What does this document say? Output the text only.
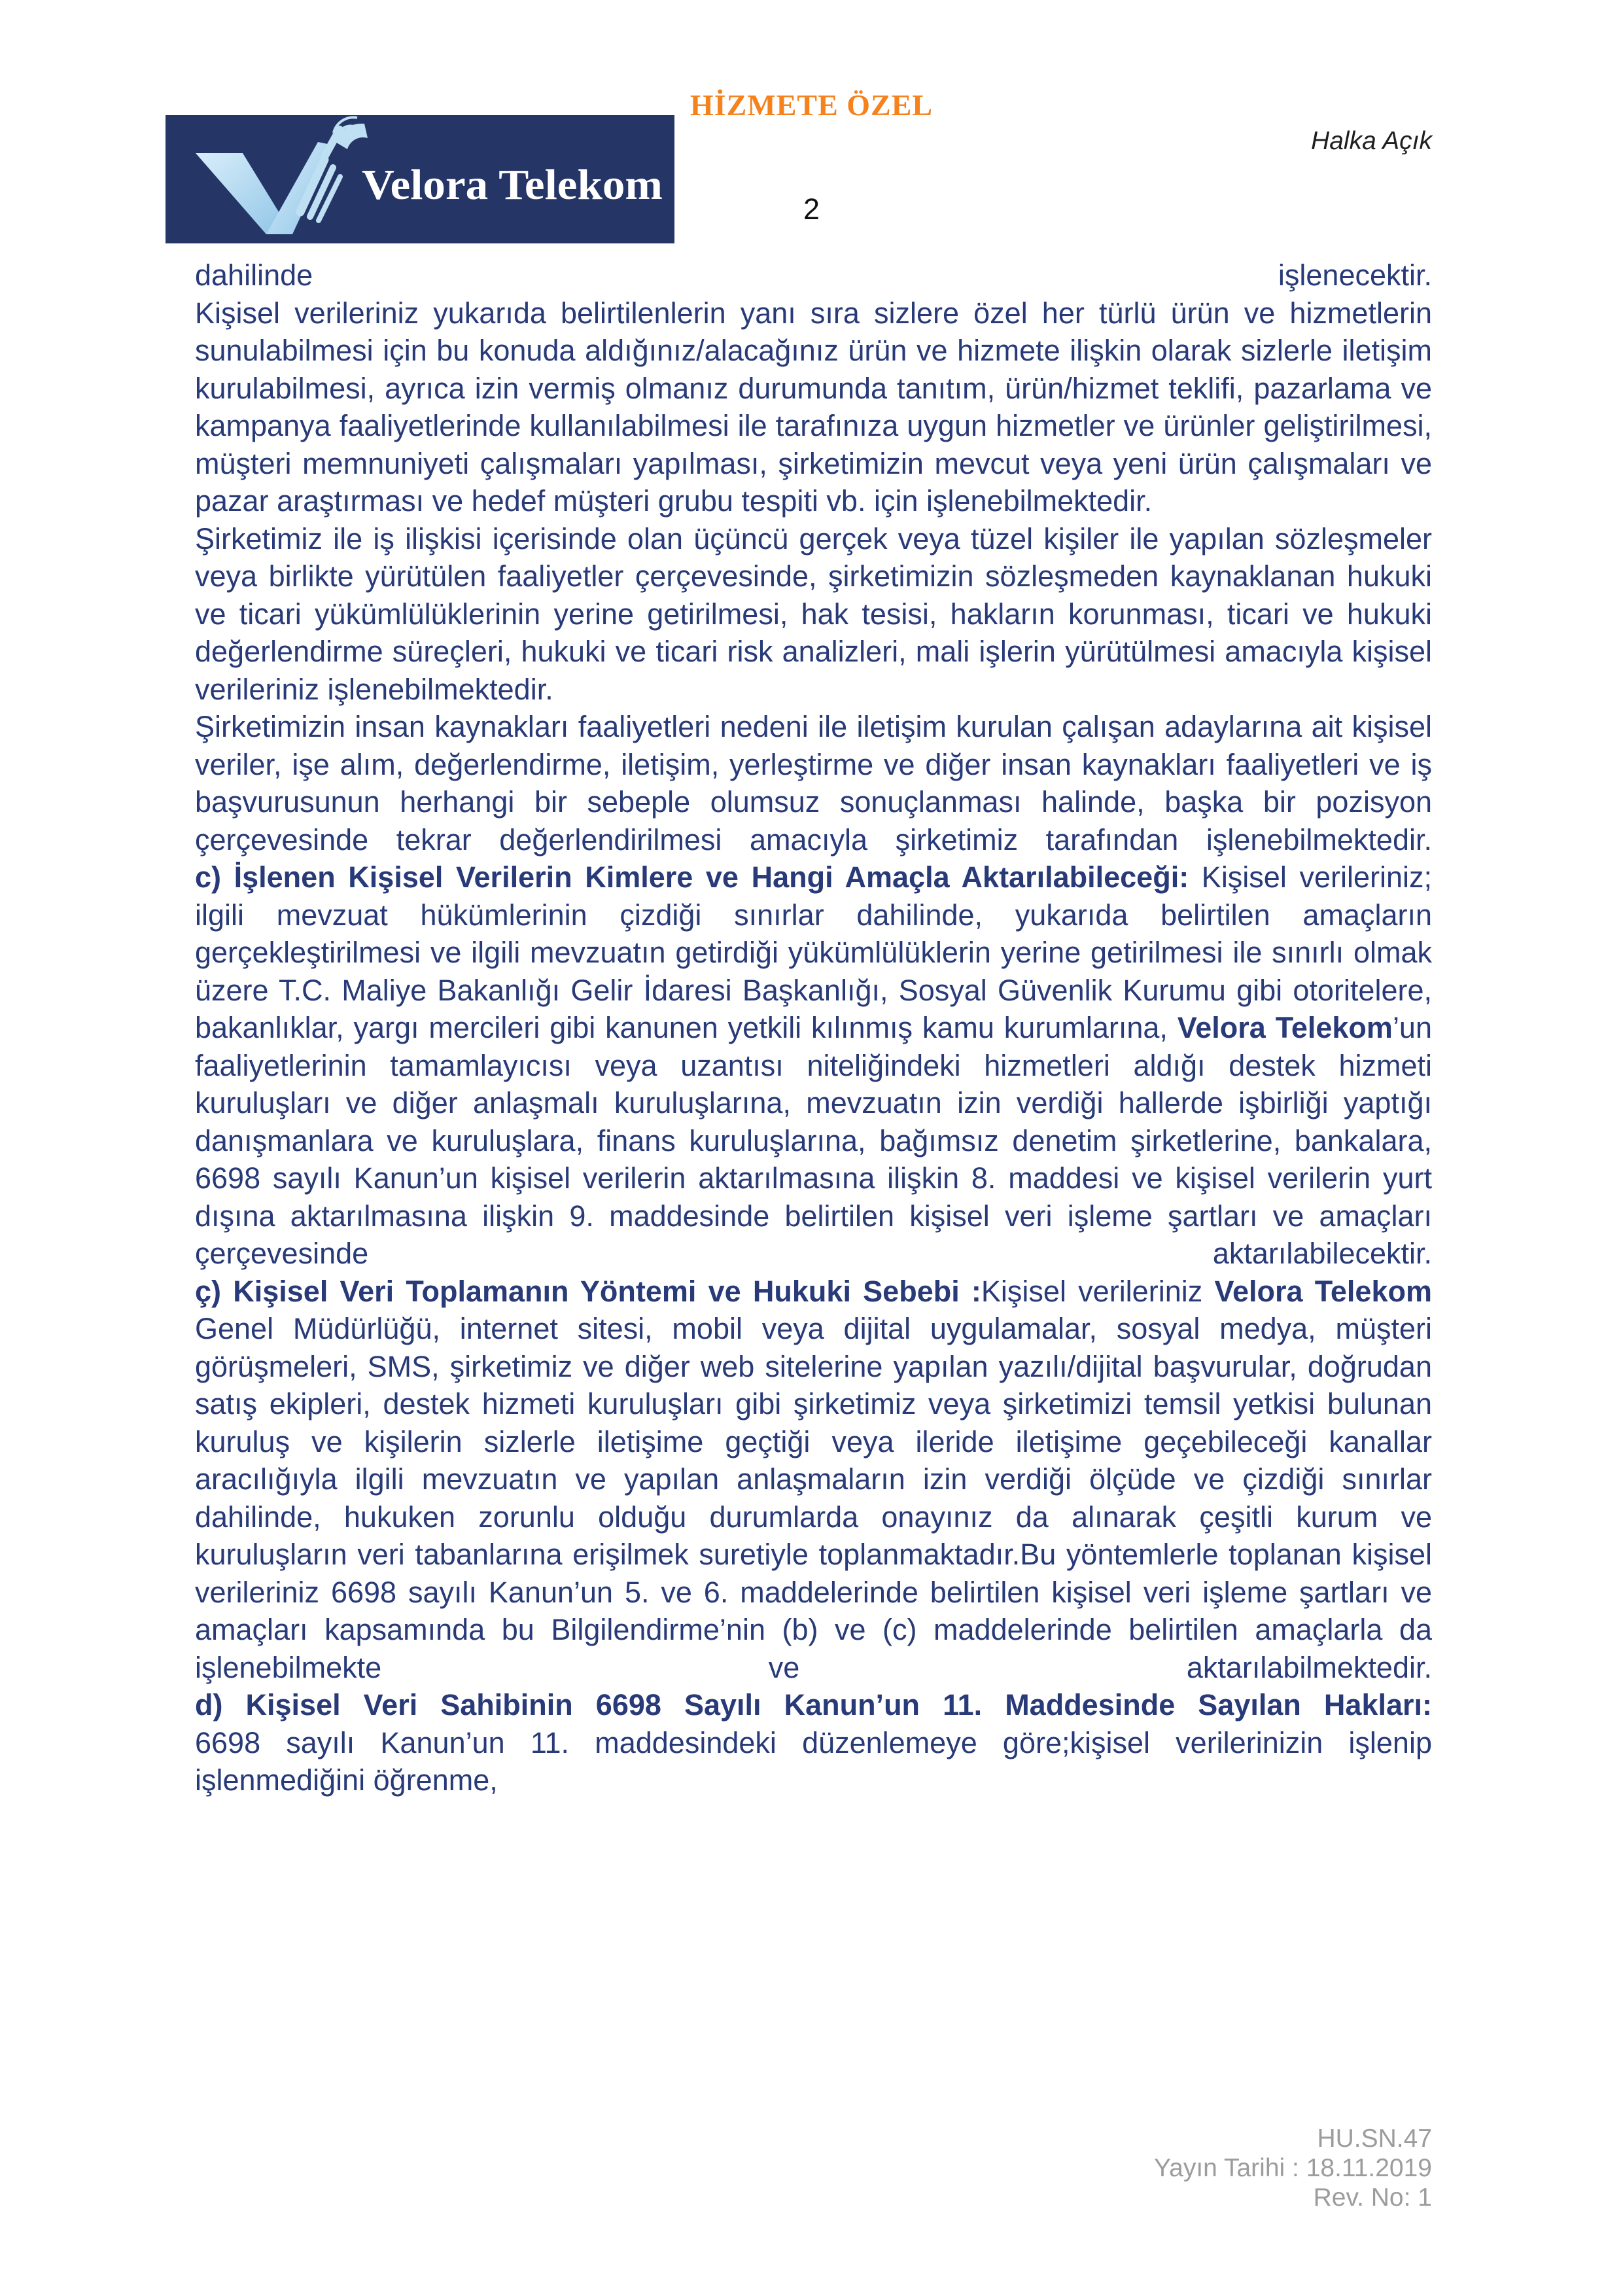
HİZMETE ÖZEL
Halka Açık
Velora Telekom
2
dahilinde	işlenecektir.

Kişisel verileriniz yukarıda belirtilenlerin yanı sıra sizlere özel her türlü ürün ve hizmetlerin sunulabilmesi için bu konuda aldığınız/alacağınız ürün ve hizmete ilişkin olarak sizlerle iletişim kurulabilmesi, ayrıca izin vermiş olmanız durumunda tanıtım, ürün/hizmet teklifi, pazarlama ve kampanya faaliyetlerinde kullanılabilmesi ile tarafınıza uygun hizmetler ve ürünler geliştirilmesi, müşteri memnuniyeti çalışmaları yapılması, şirketimizin mevcut veya yeni ürün çalışmaları ve pazar araştırması ve hedef müşteri grubu tespiti vb. için işlenebilmektedir.

Şirketimiz ile iş ilişkisi içerisinde olan üçüncü gerçek veya tüzel kişiler ile yapılan sözleşmeler veya birlikte yürütülen faaliyetler çerçevesinde, şirketimizin sözleşmeden kaynaklanan hukuki ve ticari yükümlülüklerinin yerine getirilmesi, hak tesisi, hakların korunması, ticari ve hukuki değerlendirme süreçleri, hukuki ve ticari risk analizleri, mali işlerin yürütülmesi amacıyla kişisel verileriniz işlenebilmektedir.

Şirketimizin insan kaynakları faaliyetleri nedeni ile iletişim kurulan çalışan adaylarına ait kişisel veriler, işe alım, değerlendirme, iletişim, yerleştirme ve diğer insan kaynakları faaliyetleri ve iş başvurusunun herhangi bir sebeple olumsuz sonuçlanması halinde, başka bir pozisyon çerçevesinde tekrar değerlendirilmesi amacıyla şirketimiz tarafından işlenebilmektedir.

c) İşlenen Kişisel Verilerin Kimlere ve Hangi Amaçla Aktarılabileceği: Kişisel verileriniz; ilgili mevzuat hükümlerinin çizdiği sınırlar dahilinde, yukarıda belirtilen amaçların gerçekleştirilmesi ve ilgili mevzuatın getirdiği yükümlülüklerin yerine getirilmesi ile sınırlı olmak üzere T.C. Maliye Bakanlığı Gelir İdaresi Başkanlığı, Sosyal Güvenlik Kurumu gibi otoritelere, bakanlıklar, yargı mercileri gibi kanunen yetkili kılınmış kamu kurumlarına, Velora Telekom’un faaliyetlerinin tamamlayıcısı veya uzantısı niteliğindeki hizmetleri aldığı destek hizmeti kuruluşları ve diğer anlaşmalı kuruluşlarına, mevzuatın izin verdiği hallerde işbirliği yaptığı danışmanlara ve kuruluşlara, finans kuruluşlarına, bağımsız denetim şirketlerine, bankalara, 6698 sayılı Kanun’un kişisel verilerin aktarılmasına ilişkin 8. maddesi ve kişisel verilerin yurt dışına aktarılmasına ilişkin 9. maddesinde belirtilen kişisel veri işleme şartları ve amaçları çerçevesinde aktarılabilecektir.

ç) Kişisel Veri Toplamanın Yöntemi ve Hukuki Sebebi :Kişisel verileriniz Velora Telekom Genel Müdürlüğü, internet sitesi, mobil veya dijital uygulamalar, sosyal medya, müşteri görüşmeleri, SMS, şirketimiz ve diğer web sitelerine yapılan yazılı/dijital başvurular, doğrudan satış ekipleri, destek hizmeti kuruluşları gibi şirketimiz veya şirketimizi temsil yetkisi bulunan kuruluş ve kişilerin sizlerle iletişime geçtiği veya ileride iletişime geçebileceği kanallar aracılığıyla ilgili mevzuatın ve yapılan anlaşmaların izin verdiği ölçüde ve çizdiği sınırlar dahilinde, hukuken zorunlu olduğu durumlarda onayınız da alınarak çeşitli kurum ve kuruluşların veri tabanlarına erişilmek suretiyle toplanmaktadır.Bu yöntemlerle toplanan kişisel verileriniz 6698 sayılı Kanun’un 5. ve 6. maddelerinde belirtilen kişisel veri işleme şartları ve amaçları kapsamında bu Bilgilendirme’nin (b) ve (c) maddelerinde belirtilen amaçlarla da işlenebilmekte ve aktarılabilmektedir.

d) Kişisel Veri Sahibinin 6698 Sayılı Kanun’un 11. Maddesinde Sayılan Hakları:

6698 sayılı Kanun’un 11. maddesindeki düzenlemeye göre;kişisel verilerinizin işlenip işlenmediğini öğrenme,

HU.SN.47
Yayın Tarihi : 18.11.2019
Rev. No: 1
